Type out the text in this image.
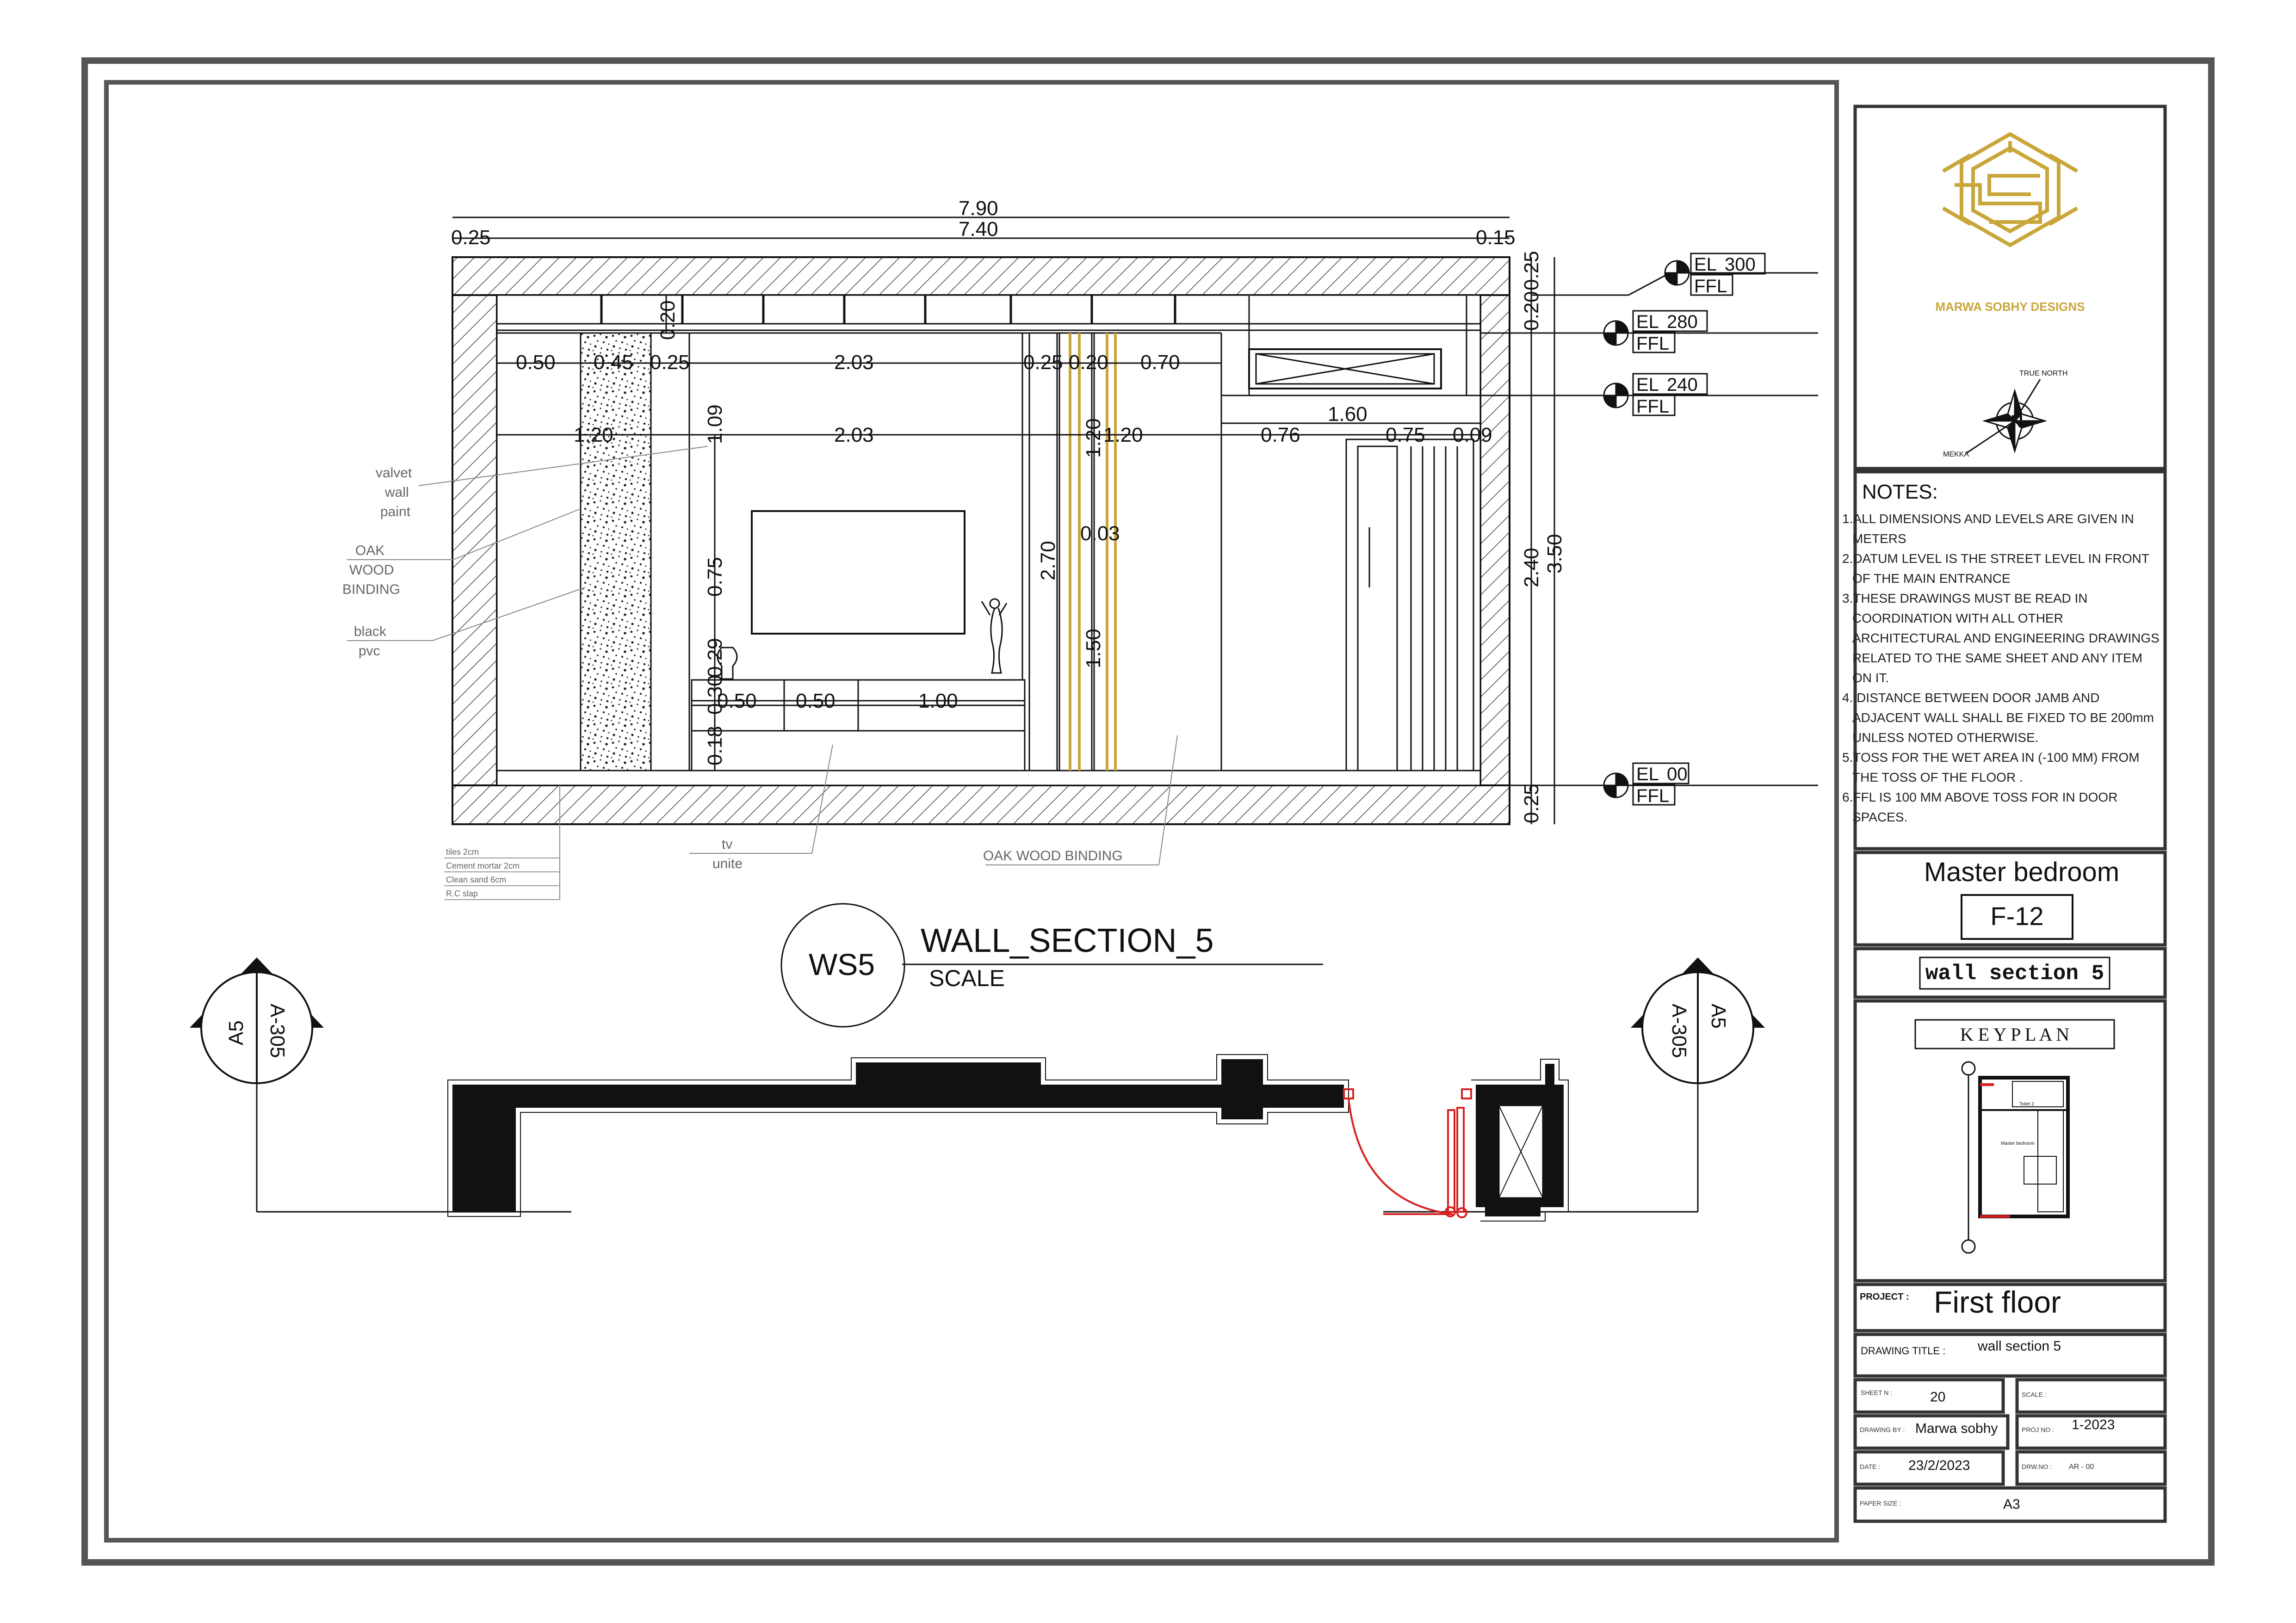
7.90
7.40
0.25	0.15
0.50 0.45 0.25	2.03	0.25 0.20 0.70
1.20	2.03	1.20	0.76	0.75 0.09
1.60
0.50 0.50	1.00
0.03
0.20
1.09
0.75
0.29
0.30
0.18
2.70
1.20
1.50
0.25
0.20
2.40 3.50
0.25
EL 300
FFL
EL 280
FFL
EL 240
FFL
EL 00
FFL
valvet
wall
paint
OAK
WOOD
BINDING
black
pvc
tv
unite
OAK WOOD BINDING
tiles 2cm
Cement mortar 2cm
Clean sand 6cm
R.C slap
WS5
WALL_SECTION_5
SCALE
A-305
A5	A-305 A5
MARWA SOBHY DESIGNS
N
TRUE NORTH
MEKKA
NOTES:
Master bedroom
F-12
wall section 5
K E Y P L A N
Toilet 2
Master bedroom
PROJECT : First floor
DRAWING TITLE : wall section 5
SHEET N :	20	SCALE :
DRAWING BY : Marwa sobhy	PROJ NO : 1-2023
DATE : 23/2/2023	DRW.NO : AR - 00
PAPER SIZE :	A3
1.ALL DIMENSIONS AND LEVELS ARE GIVEN IN METERS
2.DATUM LEVEL IS THE STREET LEVEL IN FRONT OF THE MAIN ENTRANCE
3.THESE DRAWINGS MUST BE READ IN COORDINATION WITH ALL OTHER ARCHITECTURAL AND ENGINEERING DRAWINGS RELATED TO THE SAME SHEET AND ANY ITEM ON IT.
4. DISTANCE BETWEEN DOOR JAMB AND ADJACENT WALL SHALL BE FIXED TO BE 200mm UNLESS NOTED OTHERWISE.
5.TOSS FOR THE WET AREA IN (-100 MM) FROM THE TOSS OF THE FLOOR .
6.FFL IS 100 MM ABOVE TOSS FOR IN DOOR SPACES.
